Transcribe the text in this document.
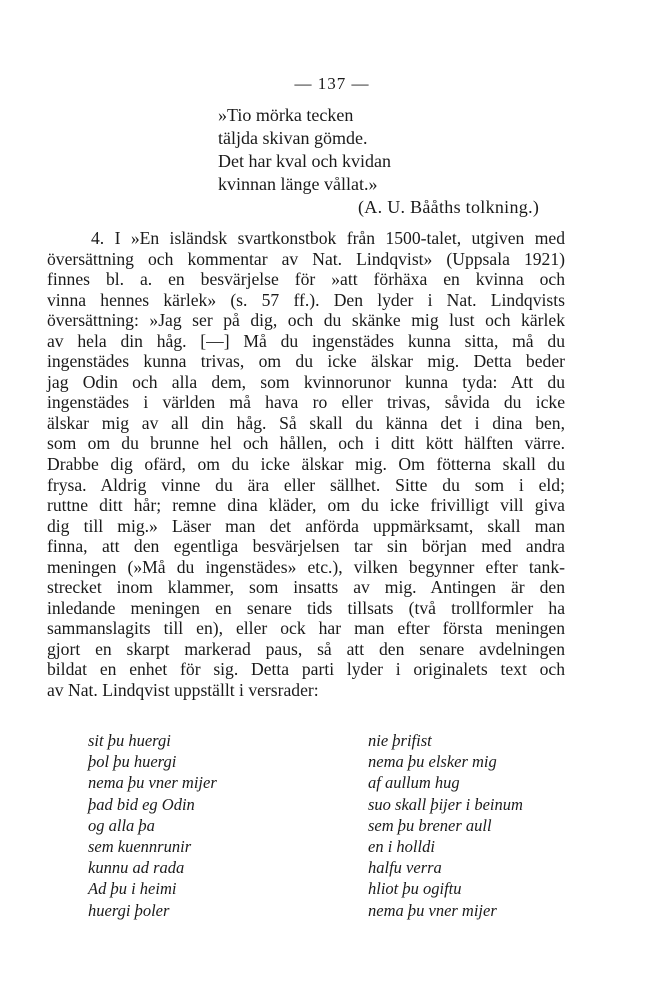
— 137 —
»Tio mörka tecken
täljda skivan gömde.
Det har kval och kvidan
kvinnan länge vållat.»
(A. U. Bååths tolkning.)
4. I »En isländsk svartkonstbok från 1500-talet, utgiven med
översättning och kommentar av Nat. Lindqvist» (Uppsala 1921)
finnes bl. a. en besvärjelse för »att förhäxa en kvinna och
vinna hennes kärlek» (s. 57 ff.). Den lyder i Nat. Lindqvists
översättning: »Jag ser på dig, och du skänke mig lust och kärlek
av hela din håg. [—] Må du ingenstädes kunna sitta, må du
ingenstädes kunna trivas, om du icke älskar mig. Detta beder
jag Odin och alla dem, som kvinnorunor kunna tyda: Att du
ingenstädes i världen må hava ro eller trivas, såvida du icke
älskar mig av all din håg. Så skall du känna det i dina ben,
som om du brunne hel och hållen, och i ditt kött hälften värre.
Drabbe dig ofärd, om du icke älskar mig. Om fötterna skall du
frysa. Aldrig vinne du ära eller sällhet. Sitte du som i eld;
ruttne ditt hår; remne dina kläder, om du icke frivilligt vill giva
dig till mig.» Läser man det anförda uppmärksamt, skall man
finna, att den egentliga besvärjelsen tar sin början med andra
meningen (»Må du ingenstädes» etc.), vilken begynner efter tank-
strecket inom klammer, som insatts av mig. Antingen är den
inledande meningen en senare tids tillsats (två trollformler ha
sammanslagits till en), eller ock har man efter första meningen
gjort en skarpt markerad paus, så att den senare avdelningen
bildat en enhet för sig. Detta parti lyder i originalets text och
av Nat. Lindqvist uppställt i versrader:
sit þu huergi
þol þu huergi
nema þu vner mijer
þad bid eg Odin
og alla þa
sem kuennrunir
kunnu ad rada
Ad þu i heimi
huergi þoler
nie þrifist
nema þu elsker mig
af aullum hug
suo skall þijer i beinum
sem þu brener aull
en i holldi
halfu verra
hliot þu ogiftu
nema þu vner mijer
